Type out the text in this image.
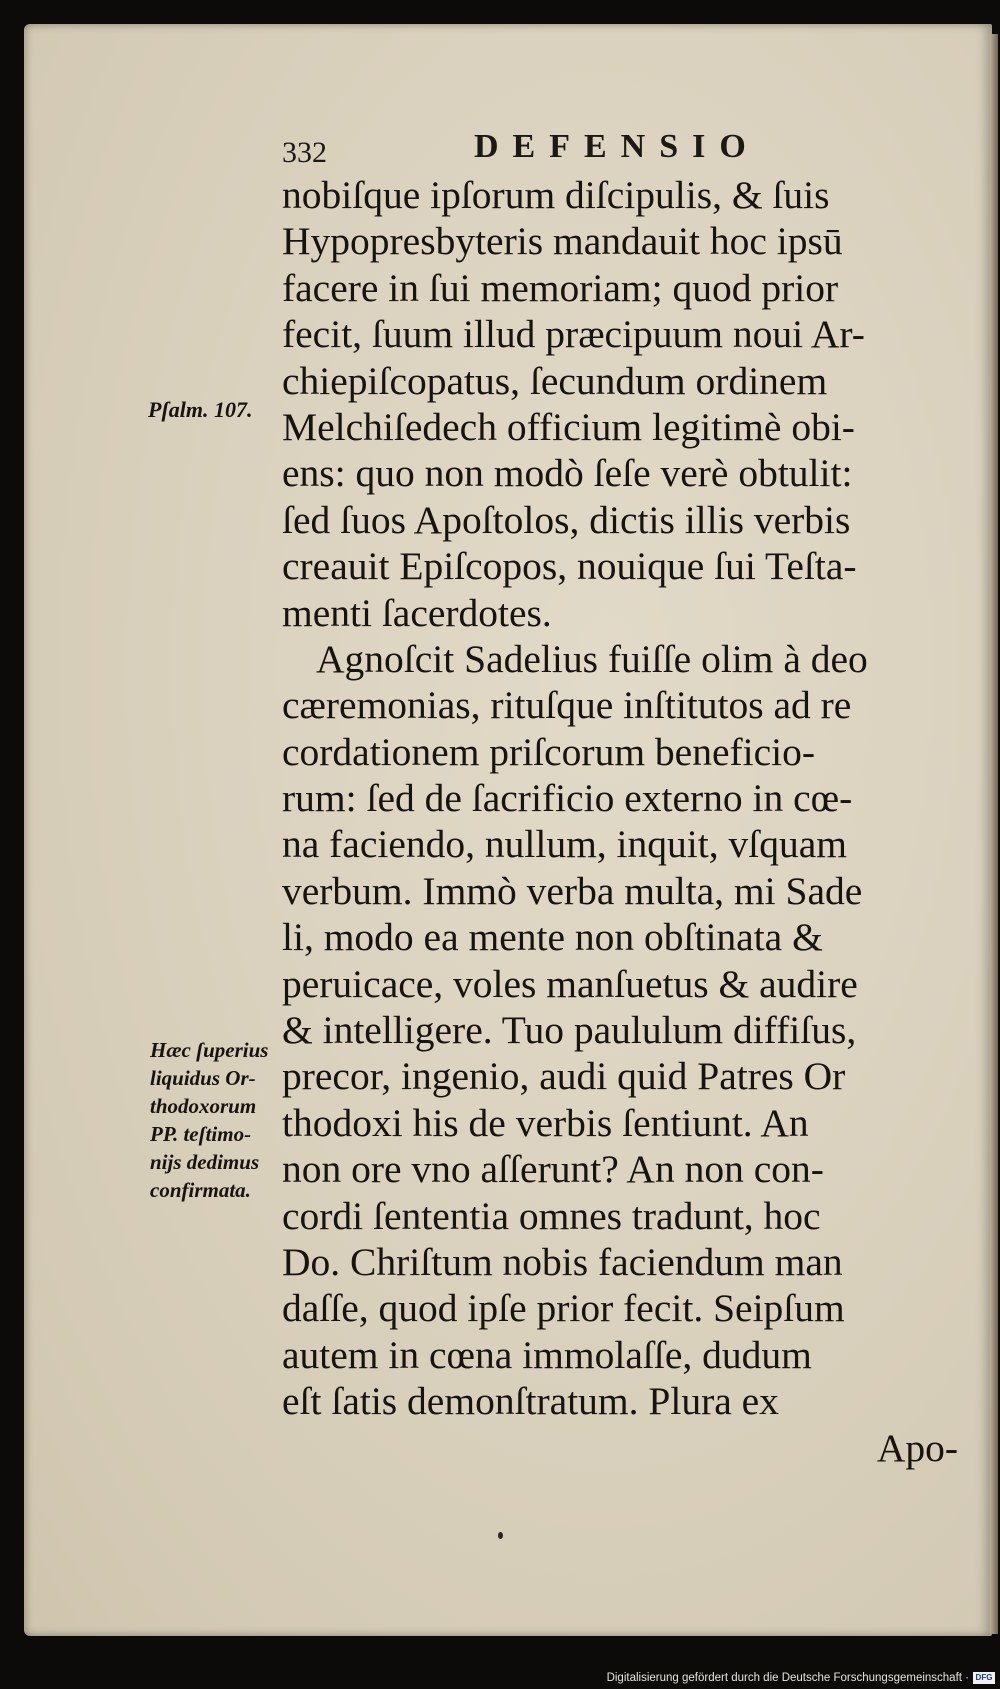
332	DEFENSIO
nobiſque ipſorum diſcipulis, & ſuis
Hypopresbyteris mandauit hoc ipsū
facere in ſui memoriam; quod prior
fecit, ſuum illud præcipuum noui Ar-
chiepiſcopatus, ſecundum ordinem
Melchiſedech officium legitimè obi-
ens: quo non modò ſeſe verè obtulit:
ſed ſuos Apoſtolos, dictis illis verbis
creauit Epiſcopos, nouique ſui Teſta-
menti ſacerdotes.
Agnoſcit Sadelius fuiſſe olim à deo
cæremonias, rituſque inſtitutos ad re
cordationem priſcorum beneficio-
rum: ſed de ſacrificio externo in cœ-
na faciendo, nullum, inquit, vſquam
verbum. Immò verba multa, mi Sade
li, modo ea mente non obſtinata &
peruicace, voles manſuetus & audire
& intelligere. Tuo paululum diffiſus,
precor, ingenio, audi quid Patres Or
thodoxi his de verbis ſentiunt. An
non ore vno aſſerunt? An non con-
cordi ſententia omnes tradunt, hoc
Do. Chriſtum nobis faciendum man
daſſe, quod ipſe prior fecit. Seipſum
autem in cœna immolaſſe, dudum
eſt ſatis demonſtratum. Plura ex
Apo-
Pſalm. 107.
Hæc ſuperius
liquidus Or-
thodoxorum
PP. teſtimo-
nijs dedimus
confirmata.
Digitalisierung gefördert durch die Deutsche Forschungsgemeinschaft · DFG
